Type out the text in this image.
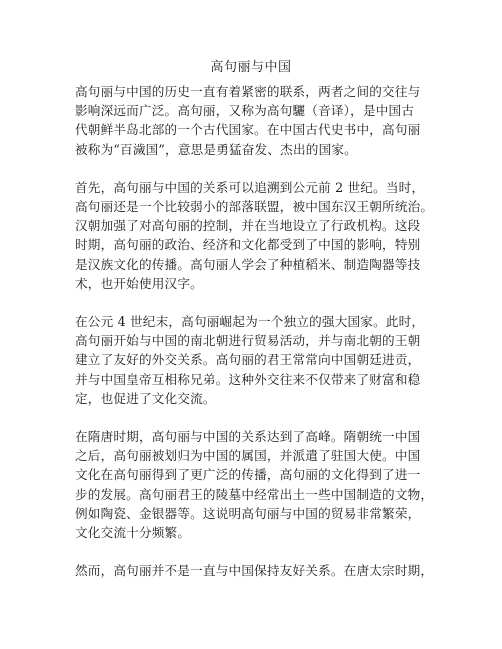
高句丽与中国
高句丽与中国的历史一直有着紧密的联系，两者之间的交往与
影响深远而广泛。高句丽，又称为高句驪（音译），是中国古
代朝鲜半岛北部的一个古代国家。在中国古代史书中，高句丽
被称为“百濊国”，意思是勇猛奋发、杰出的国家。
首先，高句丽与中国的关系可以追溯到公元前 2 世纪。当时，
高句丽还是一个比较弱小的部落联盟，被中国东汉王朝所统治。
汉朝加强了对高句丽的控制，并在当地设立了行政机构。这段
时期，高句丽的政治、经济和文化都受到了中国的影响，特别
是汉族文化的传播。高句丽人学会了种植稻米、制造陶器等技
术，也开始使用汉字。
在公元 4 世纪末，高句丽崛起为一个独立的强大国家。此时，
高句丽开始与中国的南北朝进行贸易活动，并与南北朝的王朝
建立了友好的外交关系。高句丽的君王常常向中国朝廷进贡，
并与中国皇帝互相称兄弟。这种外交往来不仅带来了财富和稳
定，也促进了文化交流。
在隋唐时期，高句丽与中国的关系达到了高峰。隋朝统一中国
之后，高句丽被划归为中国的属国，并派遣了驻国大使。中国
文化在高句丽得到了更广泛的传播，高句丽的文化得到了进一
步的发展。高句丽君王的陵墓中经常出土一些中国制造的文物，
例如陶瓷、金银器等。这说明高句丽与中国的贸易非常繁荣，
文化交流十分频繁。
然而，高句丽并不是一直与中国保持友好关系。在唐太宗时期，
